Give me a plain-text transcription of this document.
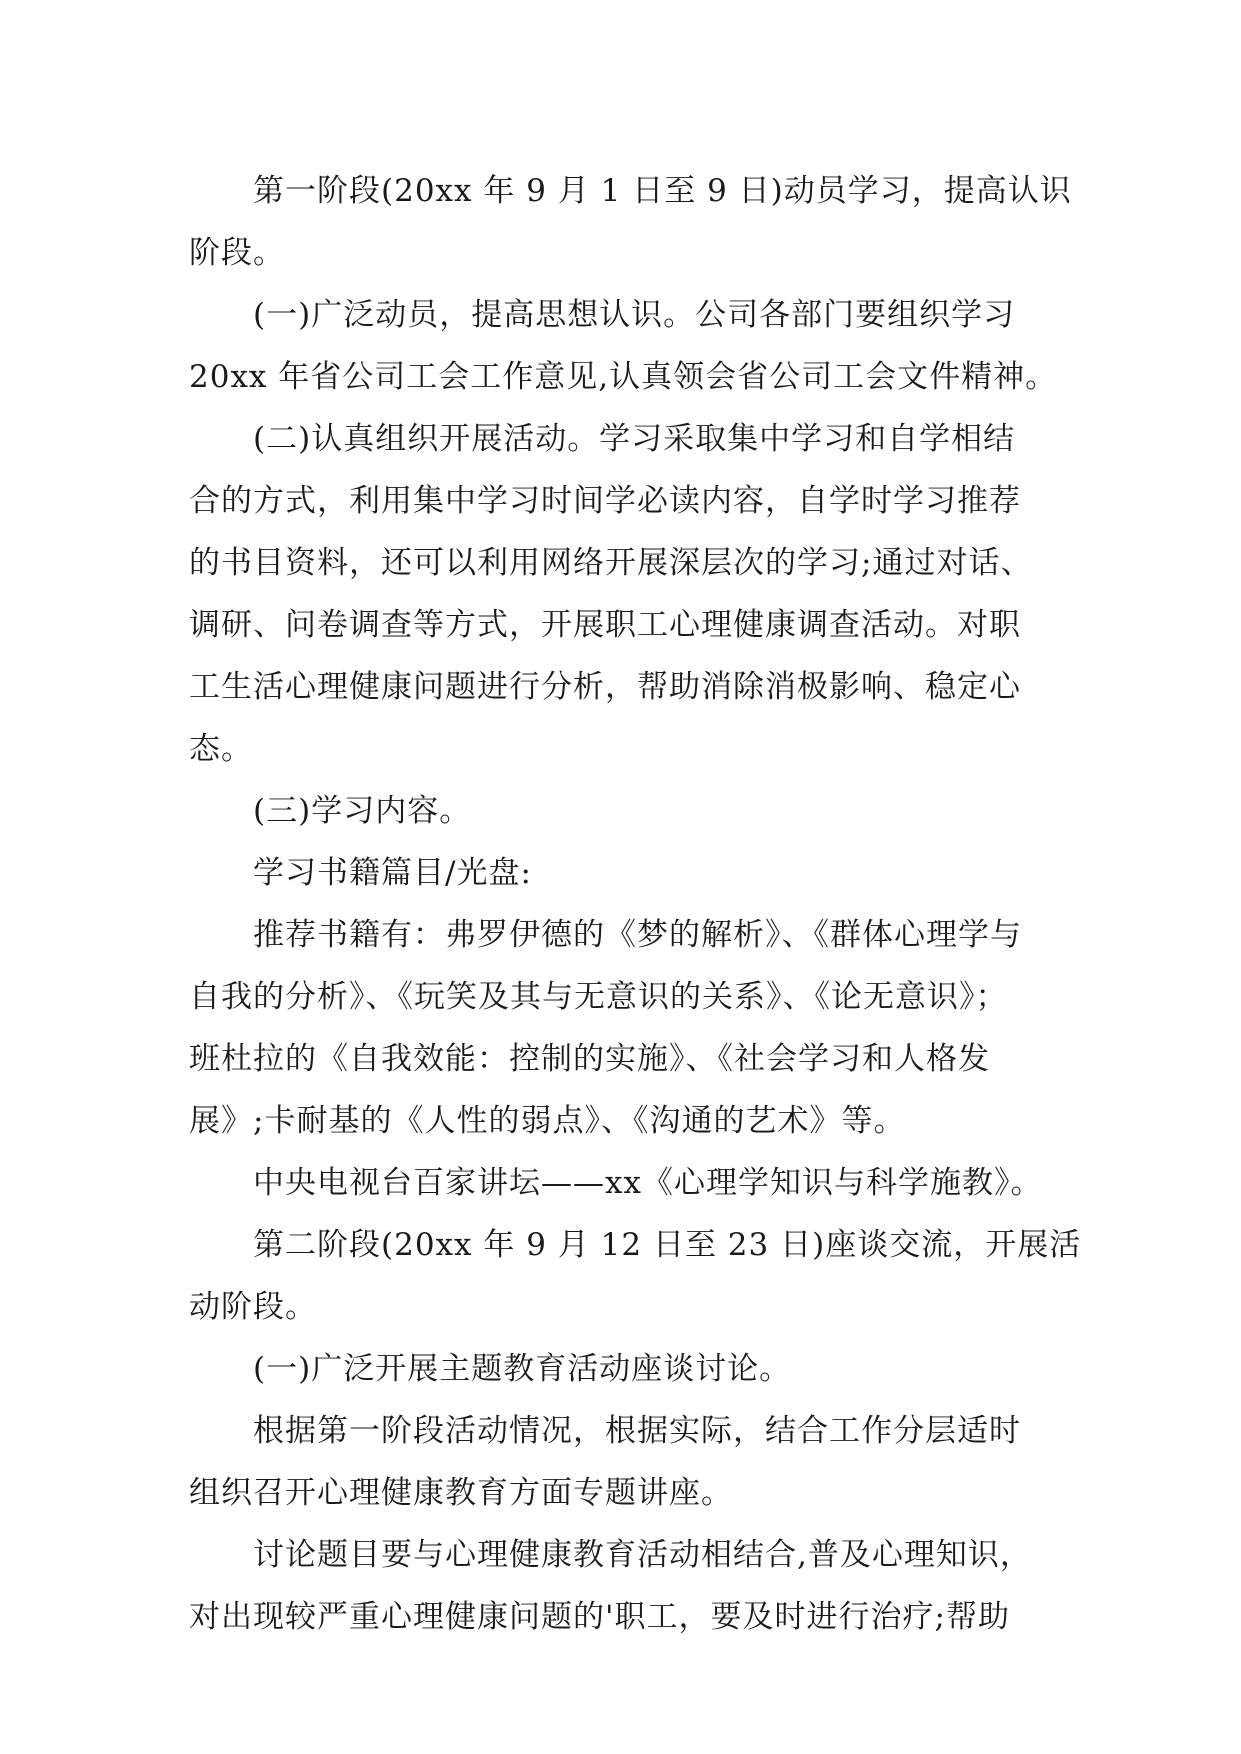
第一阶段(20xx 年 9 月 1 日至 9 日)动员学习，提高认识
阶段。
(一)广泛动员，提高思想认识。公司各部门要组织学习
20xx 年省公司工会工作意见,认真领会省公司工会文件精神。
(二)认真组织开展活动。学习采取集中学习和自学相结
合的方式，利用集中学习时间学必读内容，自学时学习推荐
的书目资料，还可以利用网络开展深层次的学习;通过对话、
调研、问卷调查等方式，开展职工心理健康调查活动。对职
工生活心理健康问题进行分析，帮助消除消极影响、稳定心
态。
(三)学习内容。
学习书籍篇目/光盘:
推荐书籍有：弗罗伊德的《梦的解析》、《群体心理学与
自我的分析》、《玩笑及其与无意识的关系》、《论无意识》；
班杜拉的《自我效能：控制的实施》、《社会学习和人格发
展》;卡耐基的《人性的弱点》、《沟通的艺术》等。
中央电视台百家讲坛——xx《心理学知识与科学施教》。
第二阶段(20xx 年 9 月 12 日至 23 日)座谈交流，开展活
动阶段。
(一)广泛开展主题教育活动座谈讨论。
根据第一阶段活动情况，根据实际，结合工作分层适时
组织召开心理健康教育方面专题讲座。
讨论题目要与心理健康教育活动相结合,普及心理知识，
对出现较严重心理健康问题的'职工，要及时进行治疗;帮助
